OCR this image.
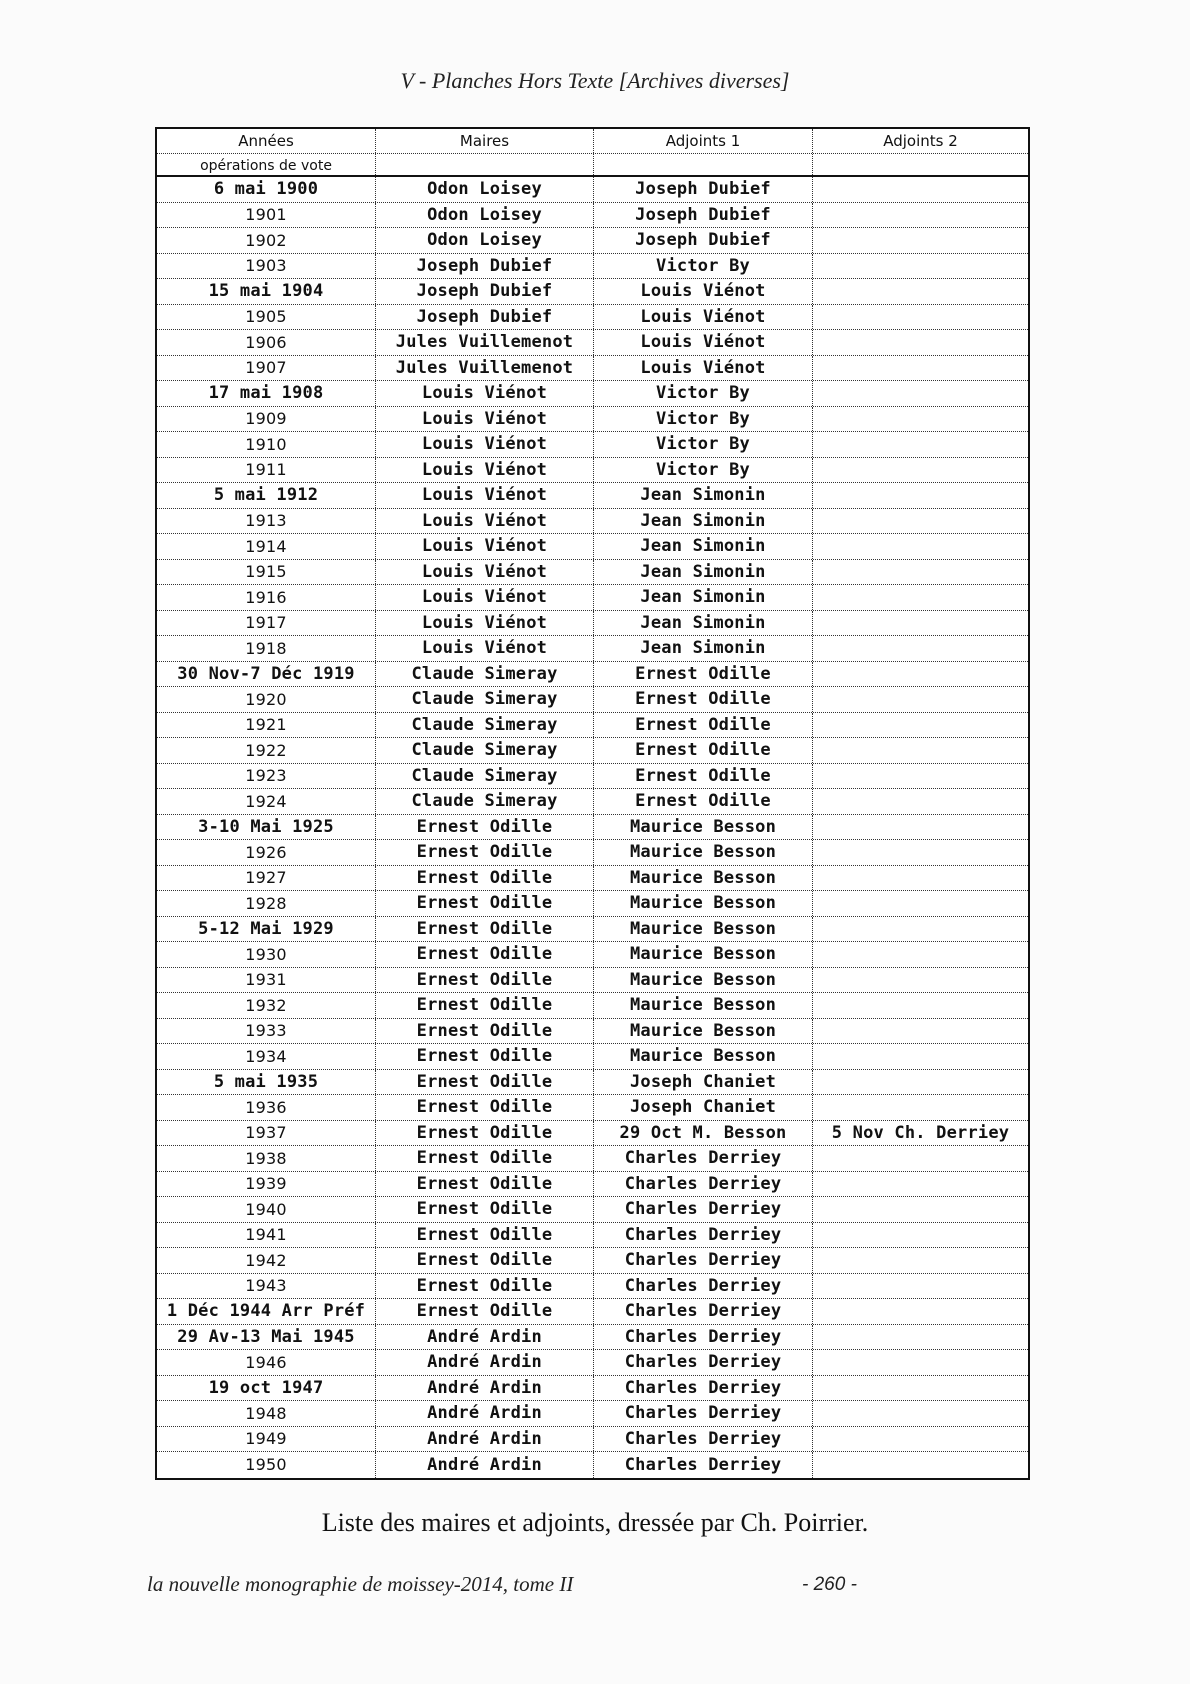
V - Planches Hors Texte [Archives diverses]
Années	Maires	Adjoints 1	Adjoints 2
opérations de vote
6 mai 1900	Odon Loisey	Joseph Dubief
1901	Odon Loisey	Joseph Dubief
1902	Odon Loisey	Joseph Dubief
1903	Joseph Dubief	Victor By
15 mai 1904	Joseph Dubief	Louis Viénot
1905	Joseph Dubief	Louis Viénot
1906	Jules Vuillemenot	Louis Viénot
1907	Jules Vuillemenot	Louis Viénot
17 mai 1908	Louis Viénot	Victor By
1909	Louis Viénot	Victor By
1910	Louis Viénot	Victor By
1911	Louis Viénot	Victor By
5 mai 1912	Louis Viénot	Jean Simonin
1913	Louis Viénot	Jean Simonin
1914	Louis Viénot	Jean Simonin
1915	Louis Viénot	Jean Simonin
1916	Louis Viénot	Jean Simonin
1917	Louis Viénot	Jean Simonin
1918	Louis Viénot	Jean Simonin
30 Nov-7 Déc 1919	Claude Simeray	Ernest Odille
1920	Claude Simeray	Ernest Odille
1921	Claude Simeray	Ernest Odille
1922	Claude Simeray	Ernest Odille
1923	Claude Simeray	Ernest Odille
1924	Claude Simeray	Ernest Odille
3-10 Mai 1925	Ernest Odille	Maurice Besson
1926	Ernest Odille	Maurice Besson
1927	Ernest Odille	Maurice Besson
1928	Ernest Odille	Maurice Besson
5-12 Mai 1929	Ernest Odille	Maurice Besson
1930	Ernest Odille	Maurice Besson
1931	Ernest Odille	Maurice Besson
1932	Ernest Odille	Maurice Besson
1933	Ernest Odille	Maurice Besson
1934	Ernest Odille	Maurice Besson
5 mai 1935	Ernest Odille	Joseph Chaniet
1936	Ernest Odille	Joseph Chaniet
1937	Ernest Odille	29 Oct M. Besson	5 Nov Ch. Derriey
1938	Ernest Odille	Charles Derriey
1939	Ernest Odille	Charles Derriey
1940	Ernest Odille	Charles Derriey
1941	Ernest Odille	Charles Derriey
1942	Ernest Odille	Charles Derriey
1943	Ernest Odille	Charles Derriey
1 Déc 1944 Arr Préf	Ernest Odille	Charles Derriey
29 Av-13 Mai 1945	André Ardin	Charles Derriey
1946	André Ardin	Charles Derriey
19 oct 1947	André Ardin	Charles Derriey
1948	André Ardin	Charles Derriey
1949	André Ardin	Charles Derriey
1950	André Ardin	Charles Derriey
Liste des maires et adjoints, dressée par Ch. Poirrier.
la nouvelle monographie de moissey-2014, tome II	- 260 -
